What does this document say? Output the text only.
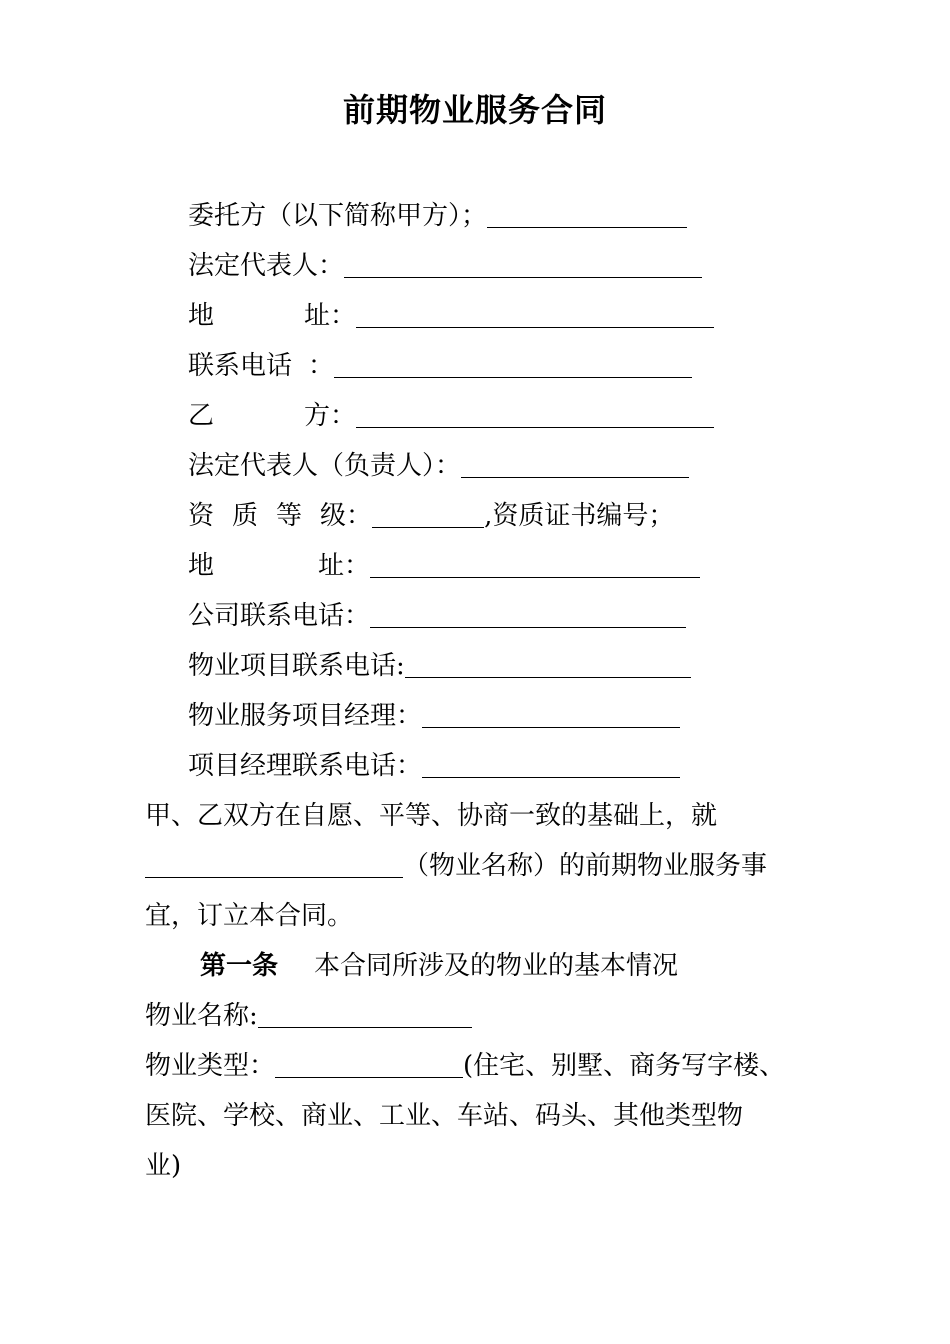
前期物业服务合同
委托方（以下简称甲方）；
法定代表人：
地	址：
联系电话 ：
乙	方：
法定代表人（负责人）：
资 质 等 级：	,资质证书编号；
地	址：
公司联系电话：
物业项目联系电话:
物业服务项目经理：
项目经理联系电话：
甲、乙双方在自愿、平等、协商一致的基础上，就
（物业名称）的前期物业服务事
宜，订立本合同。
第一条 本合同所涉及的物业的基本情况
物业名称:
物业类型：	(住宅、别墅、商务写字楼、
医院、学校、商业、工业、车站、码头、其他类型物
业)
